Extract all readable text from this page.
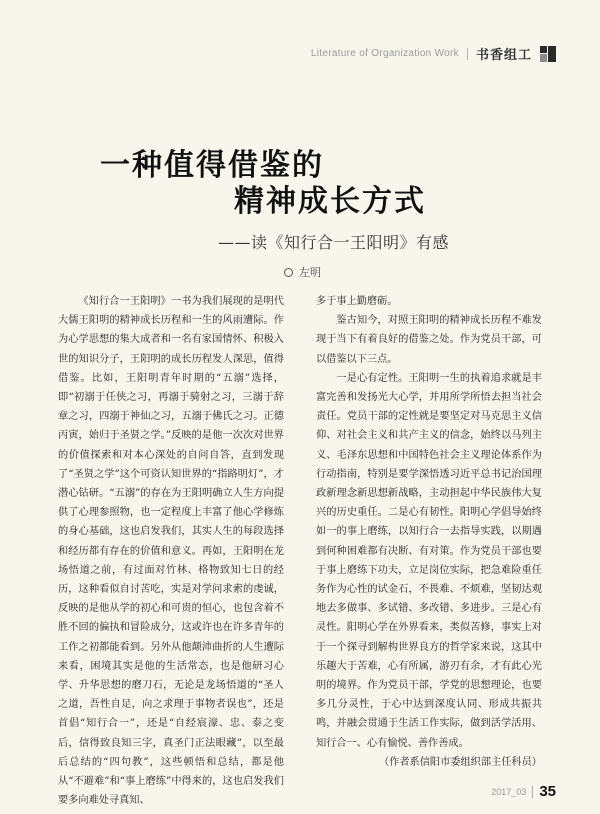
Literature of Organization Work 书香组工
一种值得借鉴的
精神成长方式
——读《知行合一王阳明》有感
左明

《知行合一王阳明》一书为我们展现的是明代大儒王阳明的精神成长历程和一生的风雨遭际。作为心学思想的集大成者和一名有家国情怀、积极入世的知识分子，王阳明的成长历程发人深思，值得借鉴。比如，王阳明青年时期的“五溺”选择，即“初溺于任侠之习，再溺于骑射之习，三溺于辞章之习，四溺于神仙之习，五溺于佛氏之习。正德丙寅，始归于圣贤之学。”反映的是他一次次对世界的价值探索和对本心深处的自问自答，直到发现了“圣贤之学”这个可资认知世界的“指路明灯”，才潜心钻研。“五溺”的存在为王阳明确立人生方向提供了心理参照物，也一定程度上丰富了他心学修炼的身心基础，这也启发我们，其实人生的每段选择和经历都有存在的价值和意义。再如，王阳明在龙场悟道之前，有过面对竹林、格物致知七日的经历，这种看似自讨苦吃，实是对学问求索的虔诚，反映的是他从学的初心和可贵的恒心，也包含着不胜不回的偏执和冒险成分，这或许也在许多青年的工作之初都能看到。另外从他颠沛曲折的人生遭际来看，困境其实是他的生活常态，也是他研习心学、升华思想的磨刀石，无论是龙场悟道的“圣人之道，吾性自足，向之求理于事物者误也”，还是首倡“知行合一”，还是“自经宸濠、忠、泰之变后，信得致良知三字，真圣门正法眼藏”，以至最后总结的“四句教”，这些顿悟和总结，都是他从“不避难”和“事上磨练”中得来的，这也启发我们要多向难处寻真知、

多于事上勤磨砺。

鉴古知今，对照王阳明的精神成长历程不难发现于当下有着良好的借鉴之处。作为党员干部，可以借鉴以下三点。

一是心有定性。王阳明一生的执着追求就是丰富完善和发扬光大心学，并用所学所悟去担当社会责任。党员干部的定性就是要坚定对马克思主义信仰、对社会主义和共产主义的信念，始终以马列主义、毛泽东思想和中国特色社会主义理论体系作为行动指南，特别是要学深悟透习近平总书记治国理政新理念新思想新战略，主动担起中华民族伟大复兴的历史重任。二是心有韧性。阳明心学倡导始终如一的事上磨练，以知行合一去指导实践，以期遇到何种困难都有决断、有对策。作为党员干部也要于事上磨练下功夫，立足岗位实际，把急难险重任务作为心性的试金石，不畏难、不烦难，坚韧达观地去多做事、多试错、多改错、多进步。三是心有灵性。阳明心学在外界看来，类似苦修，事实上对于一个探寻到解构世界良方的哲学家来说，这其中乐趣大于苦难，心有所属，游刃有余，才有此心光明的境界。作为党员干部，学党的思想理论，也要多几分灵性，于心中达到深度认同、形成共振共鸣，并融会贯通于生活工作实际，做到活学活用、知行合一、心有愉悦、善作善成。

（作者系信阳市委组织部主任科员）

2017_03 35
